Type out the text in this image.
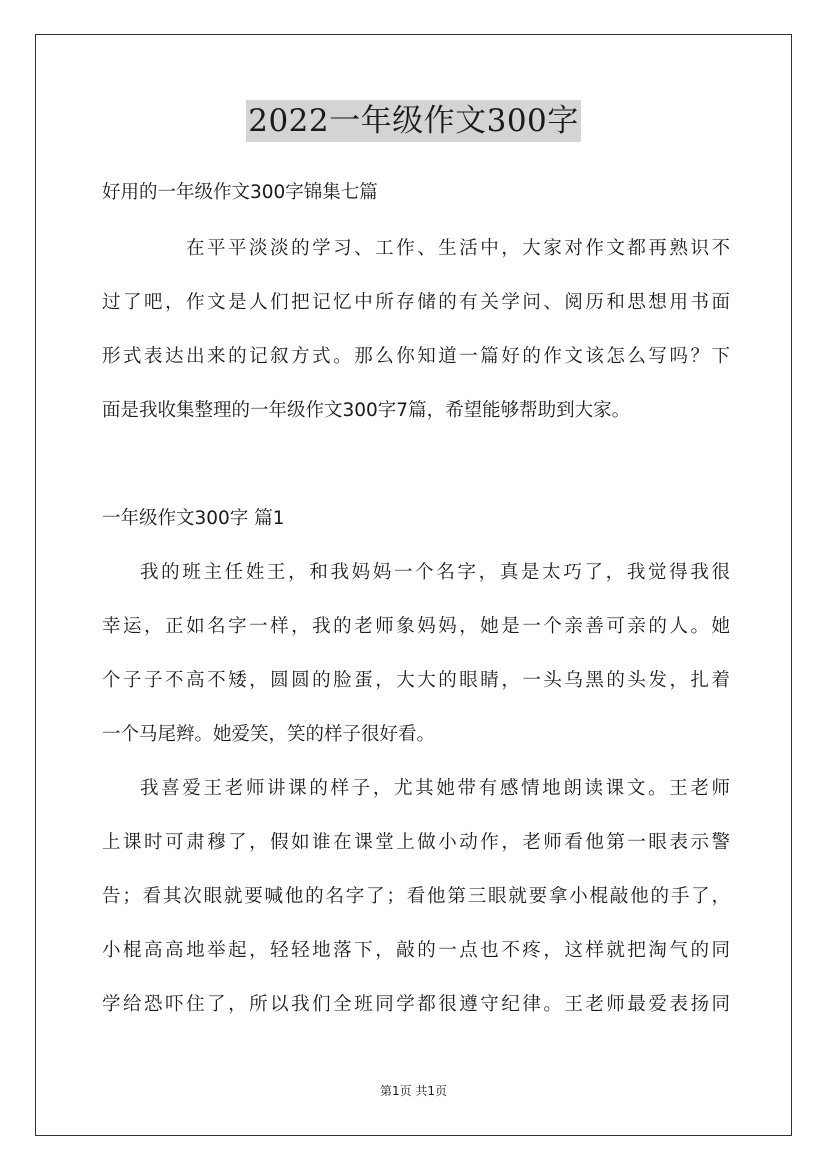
2022一年级作文300字
好用的一年级作文300字锦集七篇
在平平淡淡的学习、工作、生活中，大家对作文都再熟识不
过了吧，作文是人们把记忆中所存储的有关学问、阅历和思想用书面
形式表达出来的记叙方式。那么你知道一篇好的作文该怎么写吗？下
面是我收集整理的一年级作文300字7篇，希望能够帮助到大家。
一年级作文300字 篇1
我的班主任姓王，和我妈妈一个名字，真是太巧了，我觉得我很
幸运，正如名字一样，我的老师象妈妈，她是一个亲善可亲的人。她
个子子不高不矮，圆圆的脸蛋，大大的眼睛，一头乌黑的头发，扎着
一个马尾辫。她爱笑，笑的样子很好看。
我喜爱王老师讲课的样子，尤其她带有感情地朗读课文。王老师
上课时可肃穆了，假如谁在课堂上做小动作，老师看他第一眼表示警
告；看其次眼就要喊他的名字了；看他第三眼就要拿小棍敲他的手了，
小棍高高地举起，轻轻地落下，敲的一点也不疼，这样就把淘气的同
学给恐吓住了，所以我们全班同学都很遵守纪律。王老师最爱表扬同
第1页 共1页
